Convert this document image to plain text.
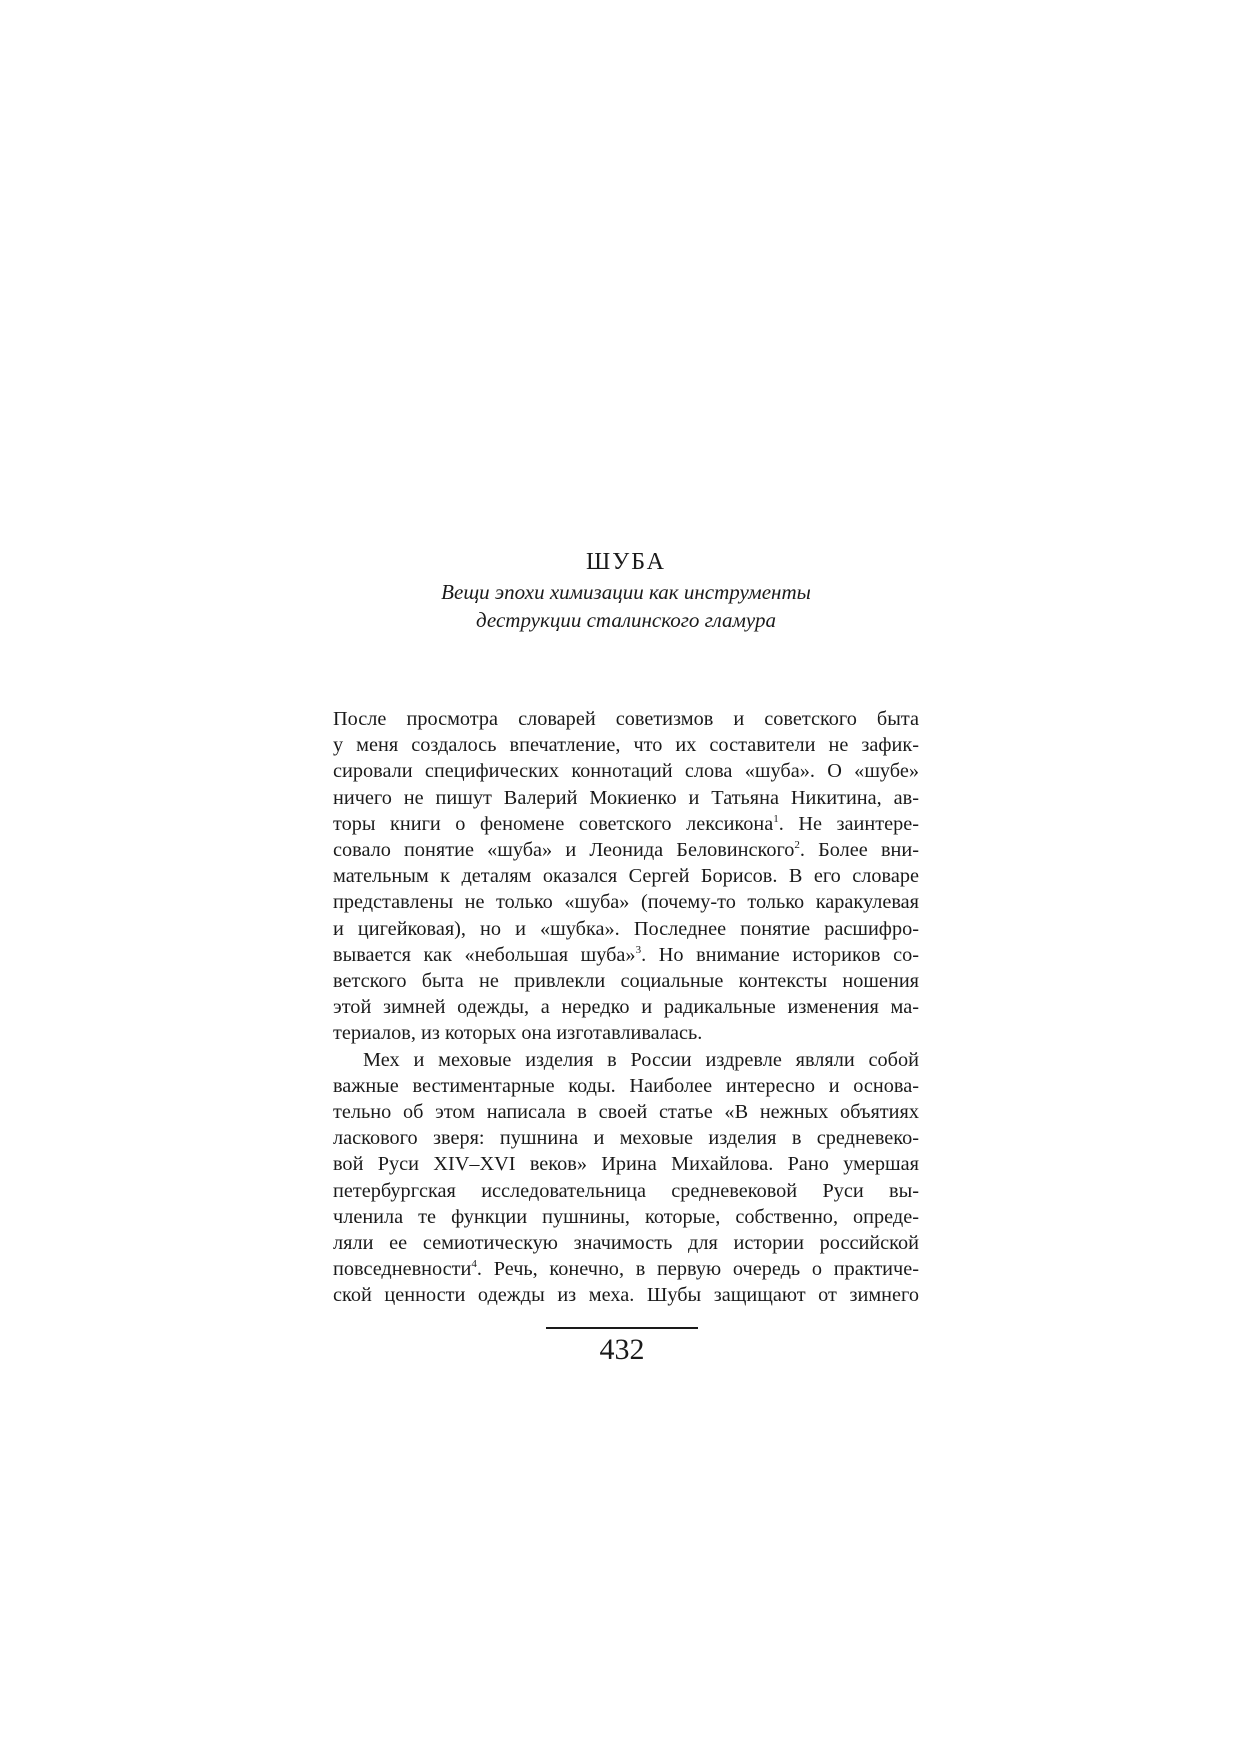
ШУБА
Вещи эпохи химизации как инструменты
деструкции сталинского гламура

После просмотра словарей советизмов и советского быта
у меня создалось впечатление, что их составители не зафик-
сировали специфических коннотаций слова «шуба». О «шубе»
ничего не пишут Валерий Мокиенко и Татьяна Никитина, ав-
торы книги о феномене советского лексикона$^1$. Не заинтере-
совало понятие «шуба» и Леонида Беловинского$^2$. Более вни-
мательным к деталям оказался Сергей Борисов. В его словаре
представлены не только «шуба» (почему-то только каракулевая
и цигейковая), но и «шубка». Последнее понятие расшифро-
вывается как «небольшая шуба»$^3$. Но внимание историков со-
ветского быта не привлекли социальные контексты ношения
этой зимней одежды, а нередко и радикальные изменения ма-
териалов, из которых она изготавливалась.

Мех и меховые изделия в России издревле являли собой
важные вестиментарные коды. Наиболее интересно и основа-
тельно об этом написала в своей статье «В нежных объятиях
ласкового зверя: пушнина и меховые изделия в средневеко-
вой Руси XIV–XVI веков» Ирина Михайлова. Рано умершая
петербургская исследовательница средневековой Руси вы-
членила те функции пушнины, которые, собственно, опреде-
ляли ее семиотическую значимость для истории российской
повседневности$^4$. Речь, конечно, в первую очередь о практиче-
ской ценности одежды из меха. Шубы защищают от зимнего

432
